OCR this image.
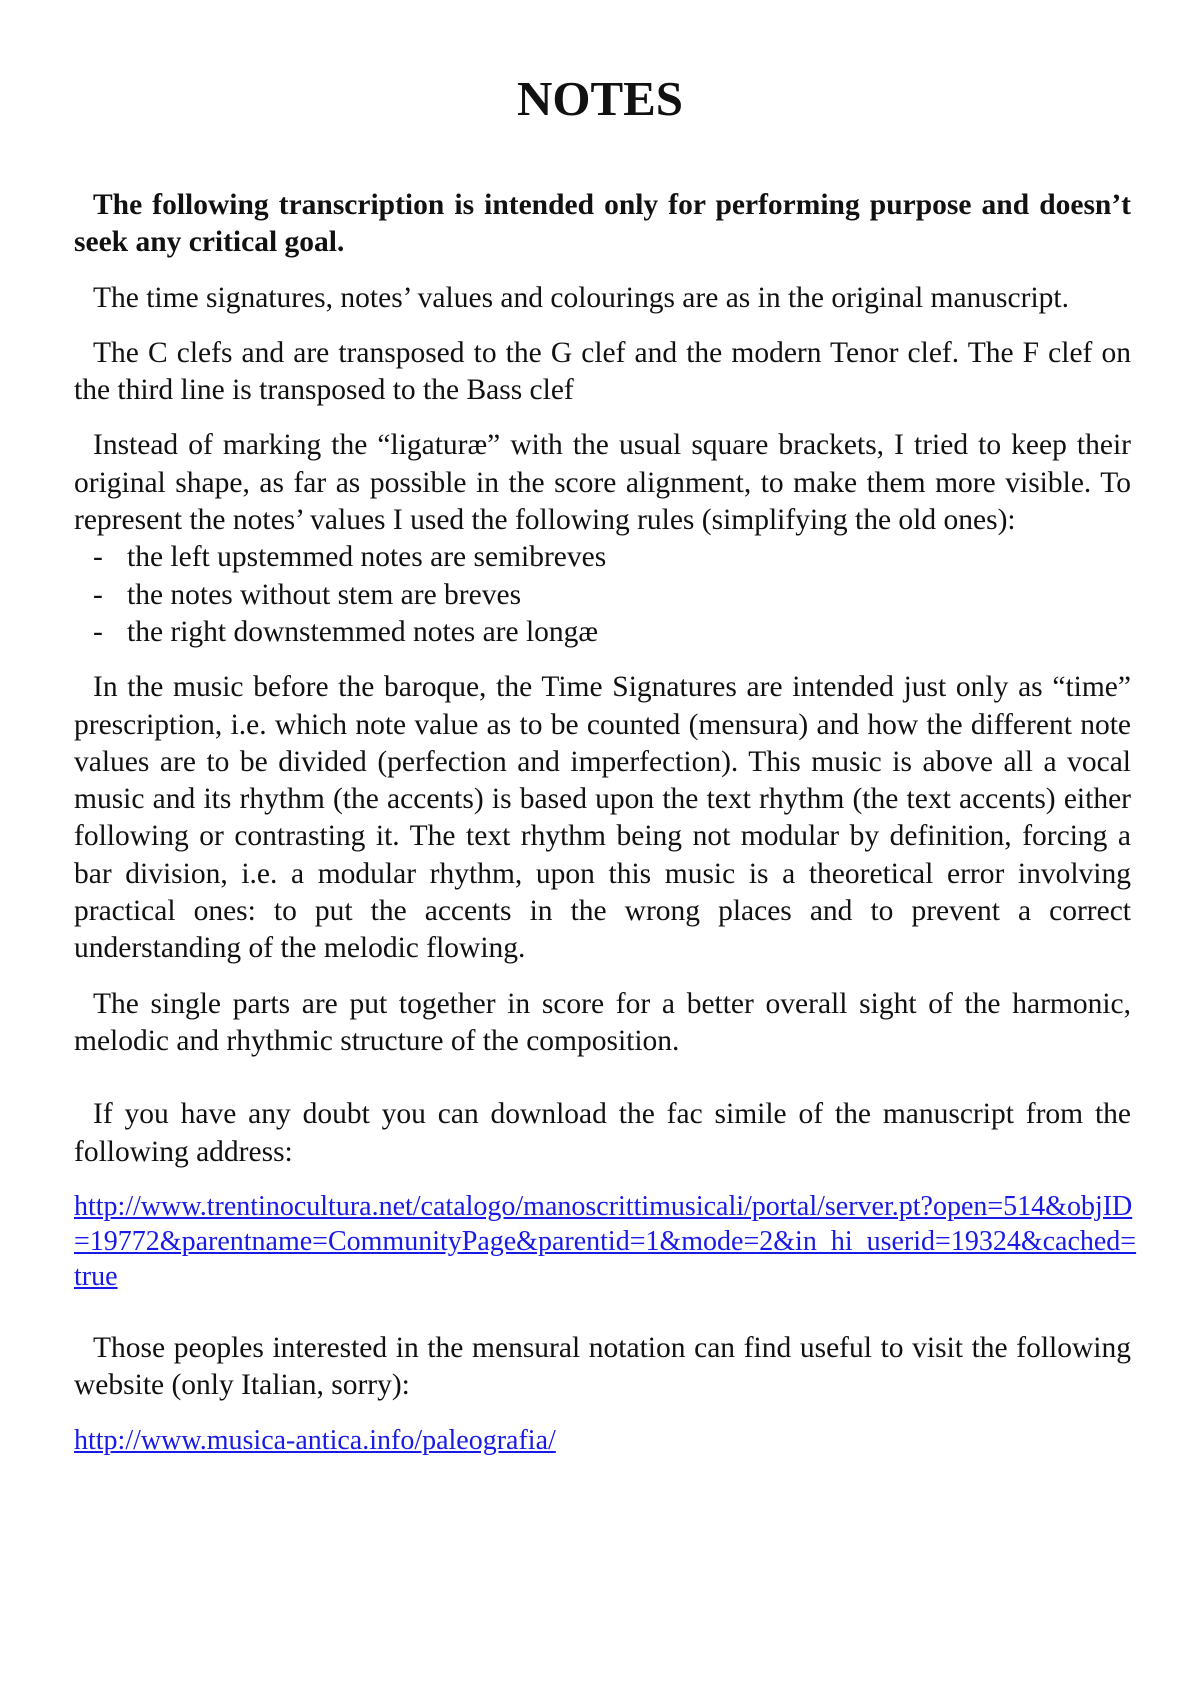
NOTES

The following transcription is intended only for performing purpose and doesn’t seek any critical goal.

The time signatures, notes’ values and colourings are as in the original manuscript.

The C clefs and are transposed to the G clef and the modern Tenor clef. The F clef on the third line is transposed to the Bass clef

Instead of marking the “ligaturæ” with the usual square brackets, I tried to keep their original shape, as far as possible in the score alignment, to make them more visible. To represent the notes’ values I used the following rules (simplifying the old ones):

- the left upstemmed notes are semibreves
- the notes without stem are breves
- the right downstemmed notes are longæ

In the music before the baroque, the Time Signatures are intended just only as “time” prescription, i.e. which note value as to be counted (mensura) and how the different note values are to be divided (perfection and imperfection). This music is above all a vocal music and its rhythm (the accents) is based upon the text rhythm (the text accents) either following or contrasting it. The text rhythm being not modular by definition, forcing a bar division, i.e. a modular rhythm, upon this music is a theoretical error involving practical ones: to put the accents in the wrong places and to prevent a correct understanding of the melodic flowing.

The single parts are put together in score for a better overall sight of the harmonic, melodic and rhythmic structure of the composition.

If you have any doubt you can download the fac simile of the manuscript from the following address:

http://www.trentinocultura.net/catalogo/manoscrittimusicali/portal/server.pt?open=514&objID=19772&parentname=CommunityPage&parentid=1&mode=2&in_hi_userid=19324&cached=true

Those peoples interested in the mensural notation can find useful to visit the following website (only Italian, sorry):

http://www.musica-antica.info/paleografia/
